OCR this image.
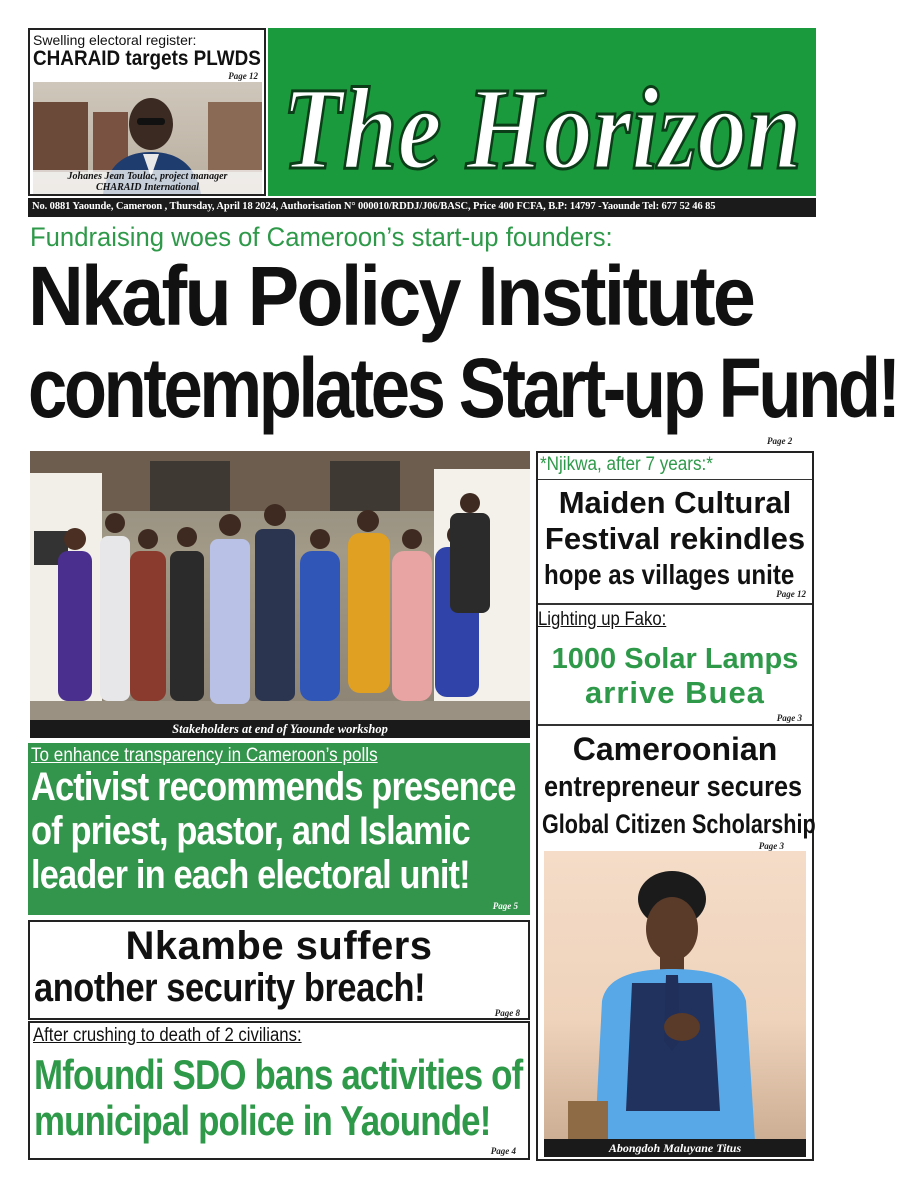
Swelling electoral register:
CHARAID targets PLWDS
Page 12
Johanes Jean Toulac, project manager
CHARAID International The Horizon
No. 0881 Yaounde, Cameroon , Thursday, April 18 2024, Authorisation N° 000010/RDDJ/J06/BASC, Price 400 FCFA, B.P: 14797 -Yaounde Tel: 677 52 46 85
Fundraising woes of Cameroon’s start-up founders:
Nkafu Policy Institute
contemplates Start-up Fund!
Page 2
Stakeholders at end of Yaounde workshop
To enhance transparency in Cameroon’s polls
Activist recommends presence
of priest, pastor, and Islamic
leader in each electoral unit!
Page 5
Nkambe suffers
another security breach!
Page 8
After crushing to death of 2 civilians:
Mfoundi SDO bans activities of
municipal police in Yaounde!
Page 4
*Njikwa, after 7 years:*
Maiden Cultural
Festival rekindles
hope as villages unite
Page 12
Lighting up Fako:
1000 Solar Lamps
arrive Buea
Page 3
Cameroonian
entrepreneur secures
Global Citizen Scholarship
Page 3
Abongdoh Maluyane Titus
